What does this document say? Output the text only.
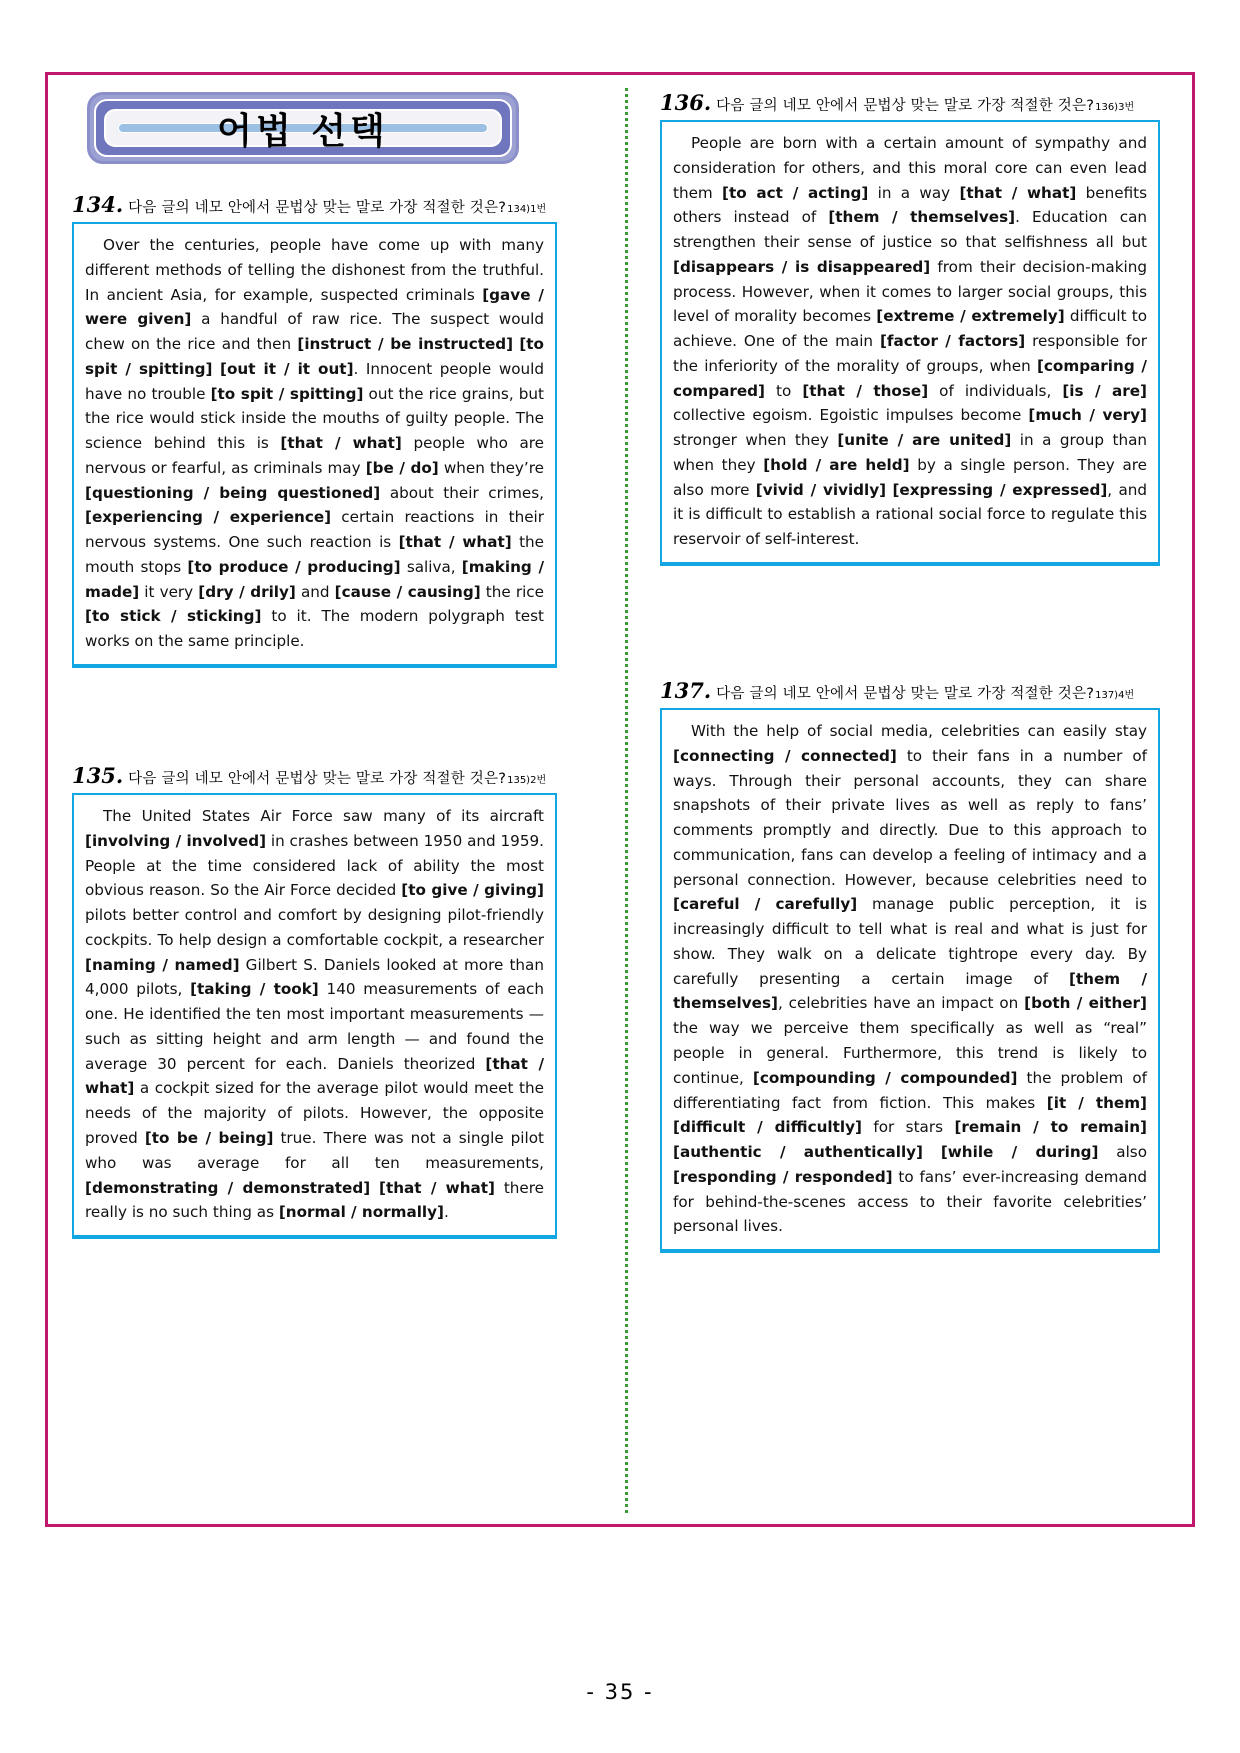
어법 선택
134. 다음 글의 네모 안에서 문법상 맞는 말로 가장 적절한 것은? 134)1번
Over the centuries, people have come up with many different methods of telling the dishonest from the truthful. In ancient Asia, for example, suspected criminals [gave / were given] a handful of raw rice. The suspect would chew on the rice and then [instruct / be instructed] [to spit / spitting] [out it / it out]. Innocent people would have no trouble [to spit / spitting] out the rice grains, but the rice would stick inside the mouths of guilty people. The science behind this is [that / what] people who are nervous or fearful, as criminals may [be / do] when they’re [questioning / being questioned] about their crimes, [experiencing / experience] certain reactions in their nervous systems. One such reaction is [that / what] the mouth stops [to produce / producing] saliva, [making / made] it very [dry / drily] and [cause / causing] the rice [to stick / sticking] to it. The modern polygraph test works on the same principle.
135. 다음 글의 네모 안에서 문법상 맞는 말로 가장 적절한 것은? 135)2번
The United States Air Force saw many of its aircraft [involving / involved] in crashes between 1950 and 1959. People at the time considered lack of ability the most obvious reason. So the Air Force decided [to give / giving] pilots better control and comfort by designing pilot-friendly cockpits. To help design a comfortable cockpit, a researcher [naming / named] Gilbert S. Daniels looked at more than 4,000 pilots, [taking / took] 140 measurements of each one. He identified the ten most important measurements — such as sitting height and arm length — and found the average 30 percent for each. Daniels theorized [that / what] a cockpit sized for the average pilot would meet the needs of the majority of pilots. However, the opposite proved [to be / being] true. There was not a single pilot who was average for all ten measurements, [demonstrating / demonstrated] [that / what] there really is no such thing as [normal / normally].
136. 다음 글의 네모 안에서 문법상 맞는 말로 가장 적절한 것은? 136)3번
People are born with a certain amount of sympathy and consideration for others, and this moral core can even lead them [to act / acting] in a way [that / what] benefits others instead of [them / themselves]. Education can strengthen their sense of justice so that selfishness all but [disappears / is disappeared] from their decision-making process. However, when it comes to larger social groups, this level of morality becomes [extreme / extremely] difficult to achieve. One of the main [factor / factors] responsible for the inferiority of the morality of groups, when [comparing / compared] to [that / those] of individuals, [is / are] collective egoism. Egoistic impulses become [much / very] stronger when they [unite / are united] in a group than when they [hold / are held] by a single person. They are also more [vivid / vividly] [expressing / expressed], and it is difficult to establish a rational social force to regulate this reservoir of self-interest.
137. 다음 글의 네모 안에서 문법상 맞는 말로 가장 적절한 것은? 137)4번
With the help of social media, celebrities can easily stay [connecting / connected] to their fans in a number of ways. Through their personal accounts, they can share snapshots of their private lives as well as reply to fans’ comments promptly and directly. Due to this approach to communication, fans can develop a feeling of intimacy and a personal connection. However, because celebrities need to [careful / carefully] manage public perception, it is increasingly difficult to tell what is real and what is just for show. They walk on a delicate tightrope every day. By carefully presenting a certain image of [them / themselves], celebrities have an impact on [both / either] the way we perceive them specifically as well as “real” people in general. Furthermore, this trend is likely to continue, [compounding / compounded] the problem of differentiating fact from fiction. This makes [it / them] [difficult / difficultly] for stars [remain / to remain] [authentic / authentically] [while / during] also [responding / responded] to fans’ ever-increasing demand for behind-the-scenes access to their favorite celebrities’ personal lives.
- 35 -
